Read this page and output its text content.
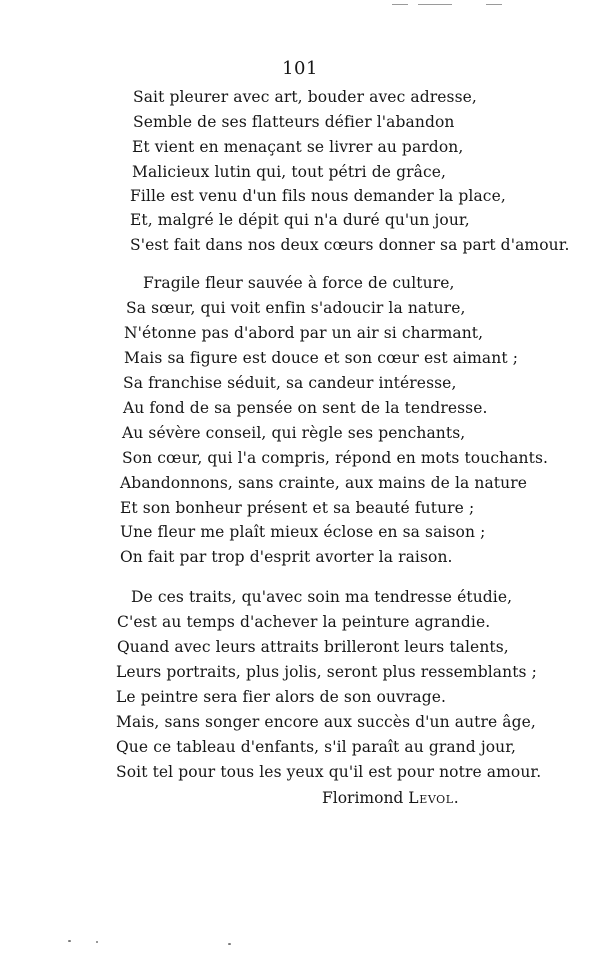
101
Sait pleurer avec art, bouder avec adresse,
Semble de ses flatteurs défier l'abandon
Et vient en menaçant se livrer au pardon,
Malicieux lutin qui, tout pétri de grâce,
Fille est venu d'un fils nous demander la place,
Et, malgré le dépit qui n'a duré qu'un jour,
S'est fait dans nos deux cœurs donner sa part d'amour.
Fragile fleur sauvée à force de culture,
Sa sœur, qui voit enfin s'adoucir la nature,
N'étonne pas d'abord par un air si charmant,
Mais sa figure est douce et son cœur est aimant ;
Sa franchise séduit, sa candeur intéresse,
Au fond de sa pensée on sent de la tendresse.
Au sévère conseil, qui règle ses penchants,
Son cœur, qui l'a compris, répond en mots touchants.
Abandonnons, sans crainte, aux mains de la nature
Et son bonheur présent et sa beauté future ;
Une fleur me plaît mieux éclose en sa saison ;
On fait par trop d'esprit avorter la raison.
De ces traits, qu'avec soin ma tendresse étudie,
C'est au temps d'achever la peinture agrandie.
Quand avec leurs attraits brilleront leurs talents,
Leurs portraits, plus jolis, seront plus ressemblants ;
Le peintre sera fier alors de son ouvrage.
Mais, sans songer encore aux succès d'un autre âge,
Que ce tableau d'enfants, s'il paraît au grand jour,
Soit tel pour tous les yeux qu'il est pour notre amour.
Florimond Levol.
